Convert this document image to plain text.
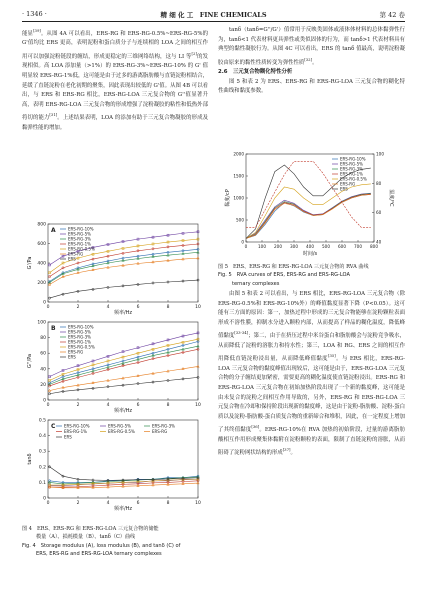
· 1346 ·	精 细 化 工　FINE CHEMICALS	第 42 卷

能显[39]。从图 4A 可以看出，ERS-RG 和 ERS-RG-0.5%~ERS-RG-5%的 G'值均比 ERS 更高，表明泥粉和蛋白质分子与连续相的 LOA 之间的相互作用可以加强淀粉链段的缠结，形成更稳定的三维网络结构，这与 LI 等[2]的发现相似。高 LOA 添加量（>1%）的 ERS-RG-3%~ERS-RG-10% 的 G' 值明显较 ERS-RG-1%低，这可能是由于过多的游离脂肪酸与直链淀粉相结合，延缓了直链淀粉在老化初期的聚集，因此表现出较低的 G'值。从图 4B 可以看出，与 ERS 和 ERS-RG 相比，ERS-RG-LOA 三元复合物的 G''值显著升高，表明 ERS-RG-LOA 三元复合物的形成增强了淀粉凝胶的粘性和低热外部将切的能力[31]。上述结果表明，LOA 的添加有助于三元复合物凝胶的形成及黏弹性能的增加。

tanδ（tanδ=G''/G'）值常用于反映类固体或液体体材料的总体黏弹性行为，tanδ<1 代表材料更具弹性或类似固体的行为，而 tanδ>1 代表材料具有典型的黏性凝胶行为。从图 4C 可以看出，ERS 的 tanδ 值最高，说明淀粉凝胶由原来的黏性性质转变为弹性性质[32]。

2.6　三元复合物糊化特性分析

图 5 和表 2 为 ERS、ERS-RG 和 ERS-RG-LOA 三元复合物的糊化特性曲线和黏度参数。

0	2	4	6	8	10
0
200
400
600
800
频率/Hz
G'/Pa
A	ERS-RG-10%
ERS-RG-5%
ERS-RG-3%
ERS-RG-1%
ERS-RG-0.5%
ERS-RG
ERS
0	2	4	6	8	10
0
20
40
60
80
100
频率/Hz
G''/Pa
B	ERS-RG-10%
ERS-RG-5%
ERS-RG-3%
ERS-RG-1%
ERS-RG-0.5%
ERS-RG
ERS
0	2	4	6	8	10
0
0.1
0.2
0.3
0.4
0.5
频率/Hz
tanδ
C ERS-RG-10%	ERS-RG-5%	ERS-RG-3%
ERS-RG-1%	ERS-RG-0.5%	ERS-RG
ERS

图 4　ERS、ERS-RG 和 ERS-RG-LOA 三元复合物的储能

模量（A）、损耗模量（B）、tanδ（C）曲线

Fig. 4　Storage modulus (A), loss modulus (B), and tanδ (C) of

ERS, ERS-RG and ERS-RG-LOA ternary complexes

0	100 200 300 400 500 600 700 800
0
500
1000
1500
2000
40
60
80
100
时间/s
黏度/cP	温度/℃
ERS-RG-10%
ERS-RG-5%
ERS-RG-3%
ERS-RG-1%
ERS-RG-0.5%
ERS-RG
ERS

图 5　ERS、ERS-RG 和 ERS-RG-LOA 三元复合物的 RVA 曲线

Fig. 5　RVA curves of ERS, ERS-RG and ERS-RG-LOA

ternary complexes

由图 5 和表 2 可以看出，与 ERS 相比，ERS-RG-LOA 三元复合物（除 ERS-RG-0.5%和 ERS-RG-10%外）的峰值黏度显著下降（P<0.05）。这可能有三方面的原因：第一，加热过程中形成的三元复合物能够在淀粉颗粒表面形成不溶性膜，抑制水分进入颗粒内部，从而提高了样品的糊化温度，降低峰值黏度[33-34]；第二，由于在挤压过程中米谷蛋白和脂肪酸会与淀粉竞争吸水，从而降低了淀粉的溶胀力和持水性；第三，LOA 和 RG、ERS 之间的相互作用降低直链淀粉浸出量，从而降低峰值黏度[35]。与 ERS 相比，ERS-RG-LOA 三元复合物的黏度峰值出现较后，这可能是由于，ERS-RG-LOA 三元复合物的分子缠结更加紧密，需要更高的糊化温度使直链淀粉浸出。ERS-RG 和 ERS-RG-LOA 三元复合物在初始加热阶段出现了一个新的黏度峰，这可能是由未复合的淀粉之间相互作用导致的，另外，ERS-RG 和 ERS-RG-LOA 三元复合物在冷却和保持阶段出现新的黏度峰，这是由于淀粉-脂肪酸、淀粉-蛋白质以及淀粉-脂肪酸-蛋白质复合物的重新缔合和堆积，因此，在一定程度上增加了其终值黏度[36]。ERS-RG-10%在 RVA 加热的初始阶段，过量的游离脂肪酸相互作用形成聚集体黏附在淀粉颗粒的表面，限制了直链淀粉的溶胀，从而阻碍了淀粉网状结构的形成[37]。
